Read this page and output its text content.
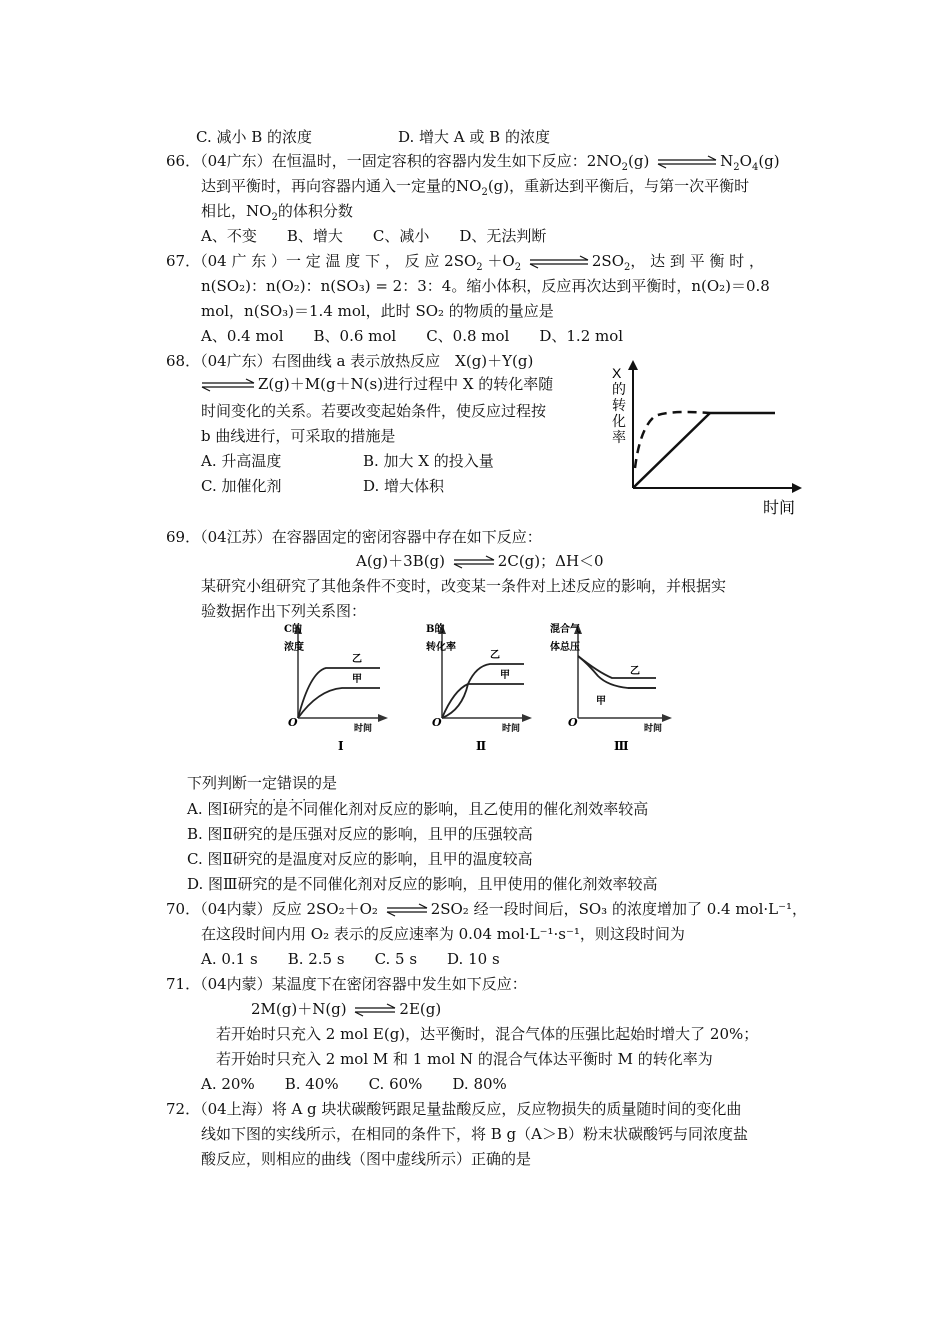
C. 减小 B 的浓度	D. 增大 A 或 B 的浓度
66．（04广东）在恒温时，一固定容积的容器内发生如下反应：$2NO_2(g)$	$N_2O_4(g)$
达到平衡时，再向容器内通入一定量的$NO_2(g)$，重新达到平衡后，与第一次平衡时
相比，$NO_2$的体积分数
A、不变　　B、增大　　C、减小　　D、无法判断
67．（04 广 东 ）一 定 温 度 下 ， 反 应 $2SO_2 +O_2$	$2SO_2$， 达 到 平 衡 时 ，
n(SO₂)：n(O₂)：n(SO₃) = 2：3：4。缩小体积，反应再次达到平衡时，n(O₂)＝0.8
mol，n(SO₃)＝1.4 mol，此时 SO₂ 的物质的量应是
A、0.4 mol　　B、0.6 mol　　C、0.8 mol　　D、1.2 mol
68．（04广东）右图曲线 a 表示放热反应　X(g)＋Y(g)
⇌ Z(g)＋M(g＋N(s)进行过程中 X 的转化率随
时间变化的关系。若要改变起始条件，使反应过程按
b 曲线进行，可采取的措施是
A. 升高温度	B. 加大 X 的投入量
C. 加催化剂	D. 增大体积
X
的
转
化
率
时间
69．（04江苏）在容器固定的密闭容器中存在如下反应：
A(g)＋3B(g) ⇌ 2C(g)；ΔH＜0
某研究小组研究了其他条件不变时，改变某一条件对上述反应的影响，并根据实
验数据作出下列关系图：
C的
浓度
乙
甲
O	时间
Ⅰ
B的
转化率
乙
甲
O	时间
Ⅱ
混合气
体总压
乙
甲
O	时间
Ⅲ
下列判断一定 · · ·错误 · · ·的是
A. 图Ⅰ研究的是不同催化剂对反应的影响，且乙使用的催化剂效率较高
B. 图Ⅱ研究的是压强对反应的影响，且甲的压强较高
C. 图Ⅱ研究的是温度对反应的影响，且甲的温度较高
D. 图Ⅲ研究的是不同催化剂对反应的影响，且甲使用的催化剂效率较高
70．（04内蒙）反应 2SO₂＋O₂ ⇌ 2SO₂ 经一段时间后，SO₃ 的浓度增加了 0.4 mol·L⁻¹，
在这段时间内用 O₂ 表示的反应速率为 0.04 mol·L⁻¹·s⁻¹，则这段时间为
A. 0.1 s　　B. 2.5 s　　C. 5 s　　D. 10 s
71．（04内蒙）某温度下在密闭容器中发生如下反应：
2M(g)＋N(g) ⇌ 2E(g)
若开始时只充入 2 mol E(g)，达平衡时，混合气体的压强比起始时增大了 20%；
若开始时只充入 2 mol M 和 1 mol N 的混合气体达平衡时 M 的转化率为
A. 20%　　B. 40%　　C. 60%　　D. 80%
72．（04上海）将 A g 块状碳酸钙跟足量盐酸反应，反应物损失的质量随时间的变化曲
线如下图的实线所示，在相同的条件下，将 B g（A＞B）粉末状碳酸钙与同浓度盐
酸反应，则相应的曲线（图中虚线所示）正确的是
